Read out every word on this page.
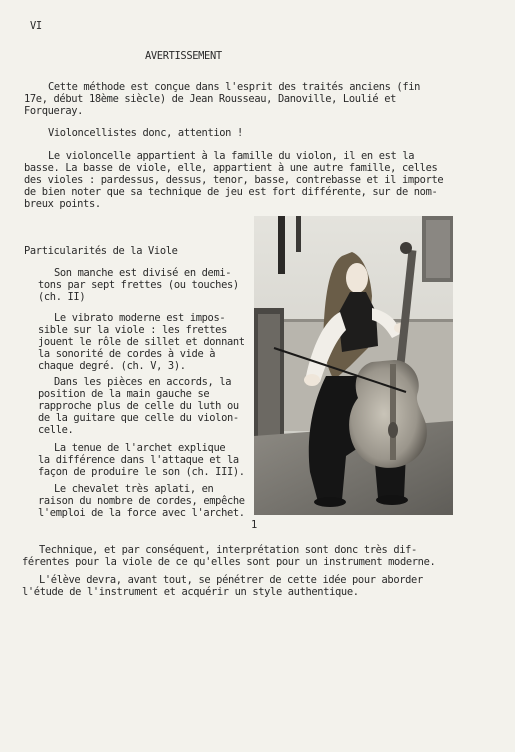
VI
AVERTISSEMENT
Cette méthode est conçue dans l'esprit des traités anciens (fin
17e, début 18ème siècle) de Jean Rousseau, Danoville, Loulié et
Forqueray.
Violoncellistes donc, attention !
Le violoncelle appartient à la famille du violon, il en est la
basse. La basse de viole, elle, appartient à une autre famille, celles
des violes : pardessus, dessus, tenor, basse, contrebasse et il importe
de bien noter que sa technique de jeu est fort différente, sur de nom-
breux points.
Particularités de la Viole
Son manche est divisé en demi-
tons par sept frettes (ou touches)
(ch. II)
Le vibrato moderne est impos-
sible sur la viole : les frettes
jouent le rôle de sillet et donnant
la sonorité de cordes à vide à
chaque degré. (ch. V, 3).
Dans les pièces en accords, la
position de la main gauche se
rapproche plus de celle du luth ou
de la guitare que celle du violon-
celle.
La tenue de l'archet explique
la différence dans l'attaque et la
façon de produire le son (ch. III).
Le chevalet très aplati, en
raison du nombre de cordes, empêche
l'emploi de la force avec l'archet.
1
Technique, et par conséquent, interprétation sont donc très dif-
férentes pour la viole de ce qu'elles sont pour un instrument moderne.
L'élève devra, avant tout, se pénétrer de cette idée pour aborder
l'étude de l'instrument et acquérir un style authentique.
